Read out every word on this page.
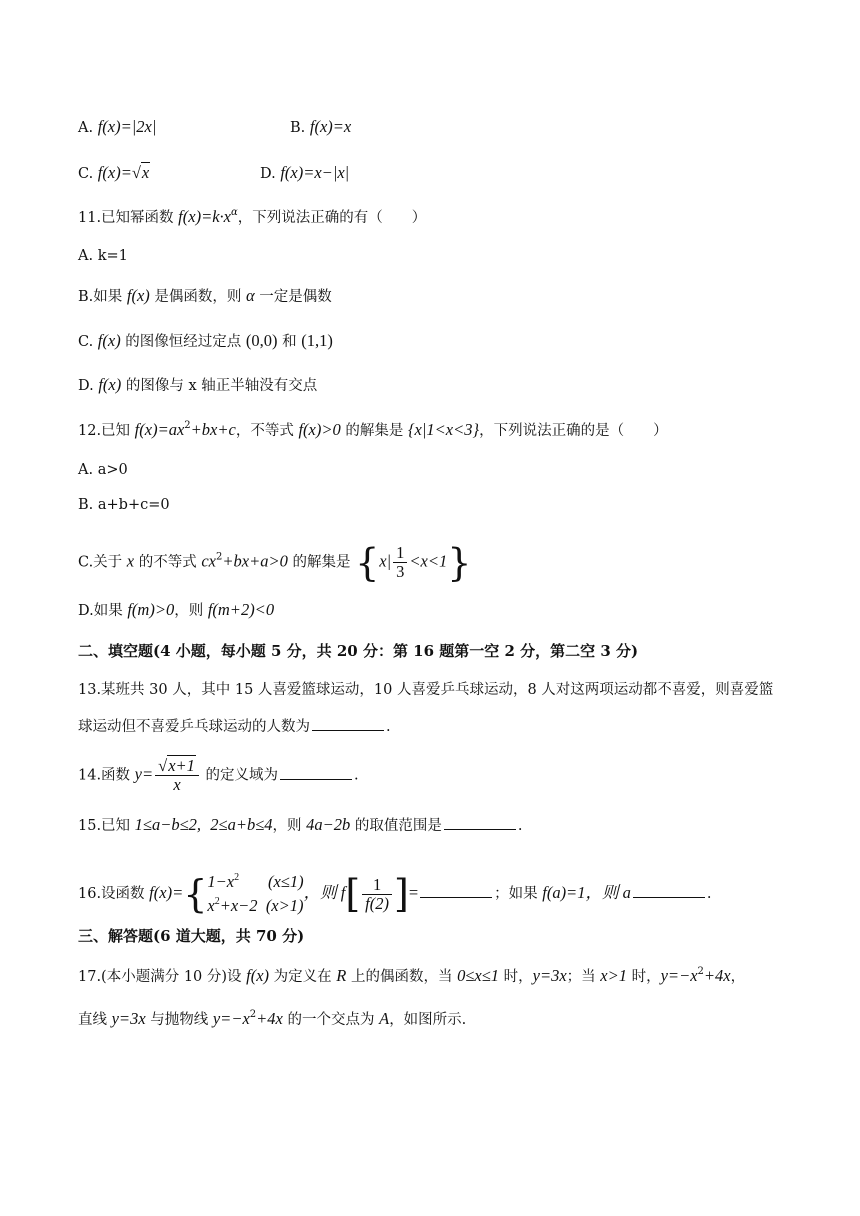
A. f(x)=|2x|	B. f(x)=x
C. f(x)=√x	D. f(x)=x−|x|
11.已知幂函数 $f(x)=k\cdot x^\alpha$，下列说法正确的有（　　）
A. k=1
B.如果 f(x) 是偶函数，则 α 一定是偶数
C. f(x) 的图像恒经过定点 (0,0) 和 (1,1)
D. f(x) 的图像与 x 轴正半轴没有交点
12.已知 $f(x)=ax^2+bx+c$，不等式 f(x)>0 的解集是 {x|1<x<3}，下列说法正确的是（　　）
A. a>0
B. a+b+c=0
C.关于 x 的不等式 $cx^2+bx+a>0$ 的解集是 $\{x| \frac{1}{3} <x<1\}$
D.如果 f(m)>0，则 f(m+2)<0
二、填空题(4 小题，每小题 5 分，共 20 分：第 16 题第一空 2 分，第二空 3 分)
13.某班共 30 人，其中 15 人喜爱篮球运动，10 人喜爱乒乓球运动，8 人对这两项运动都不喜爱，则喜爱篮
球运动但不喜爱乒乓球运动的人数为	.
14.函数 $y= \frac{√x+1}{x}$ 的定义域为	.
15.已知 1≤a−b≤2, 2≤a+b≤4，则 4a−2b 的取值范围是	.
16.设函数 f(x)={ $1-x^2$ (x≤1)
$x^2+x-2$ (x>1)
，则 $f[ \frac{1}{f(2)}$ ]=	；如果 f(a)=1，则 a	.
三、解答题(6 道大题，共 70 分)
17.(本小题满分 10 分)设 f(x) 为定义在 R 上的偶函数，当 0≤x≤1 时，y=3x；当 x>1 时，$y=-x^2+4x$，
直线 y=3x 与抛物线 $y=-x^2+4x$ 的一个交点为 A，如图所示.
